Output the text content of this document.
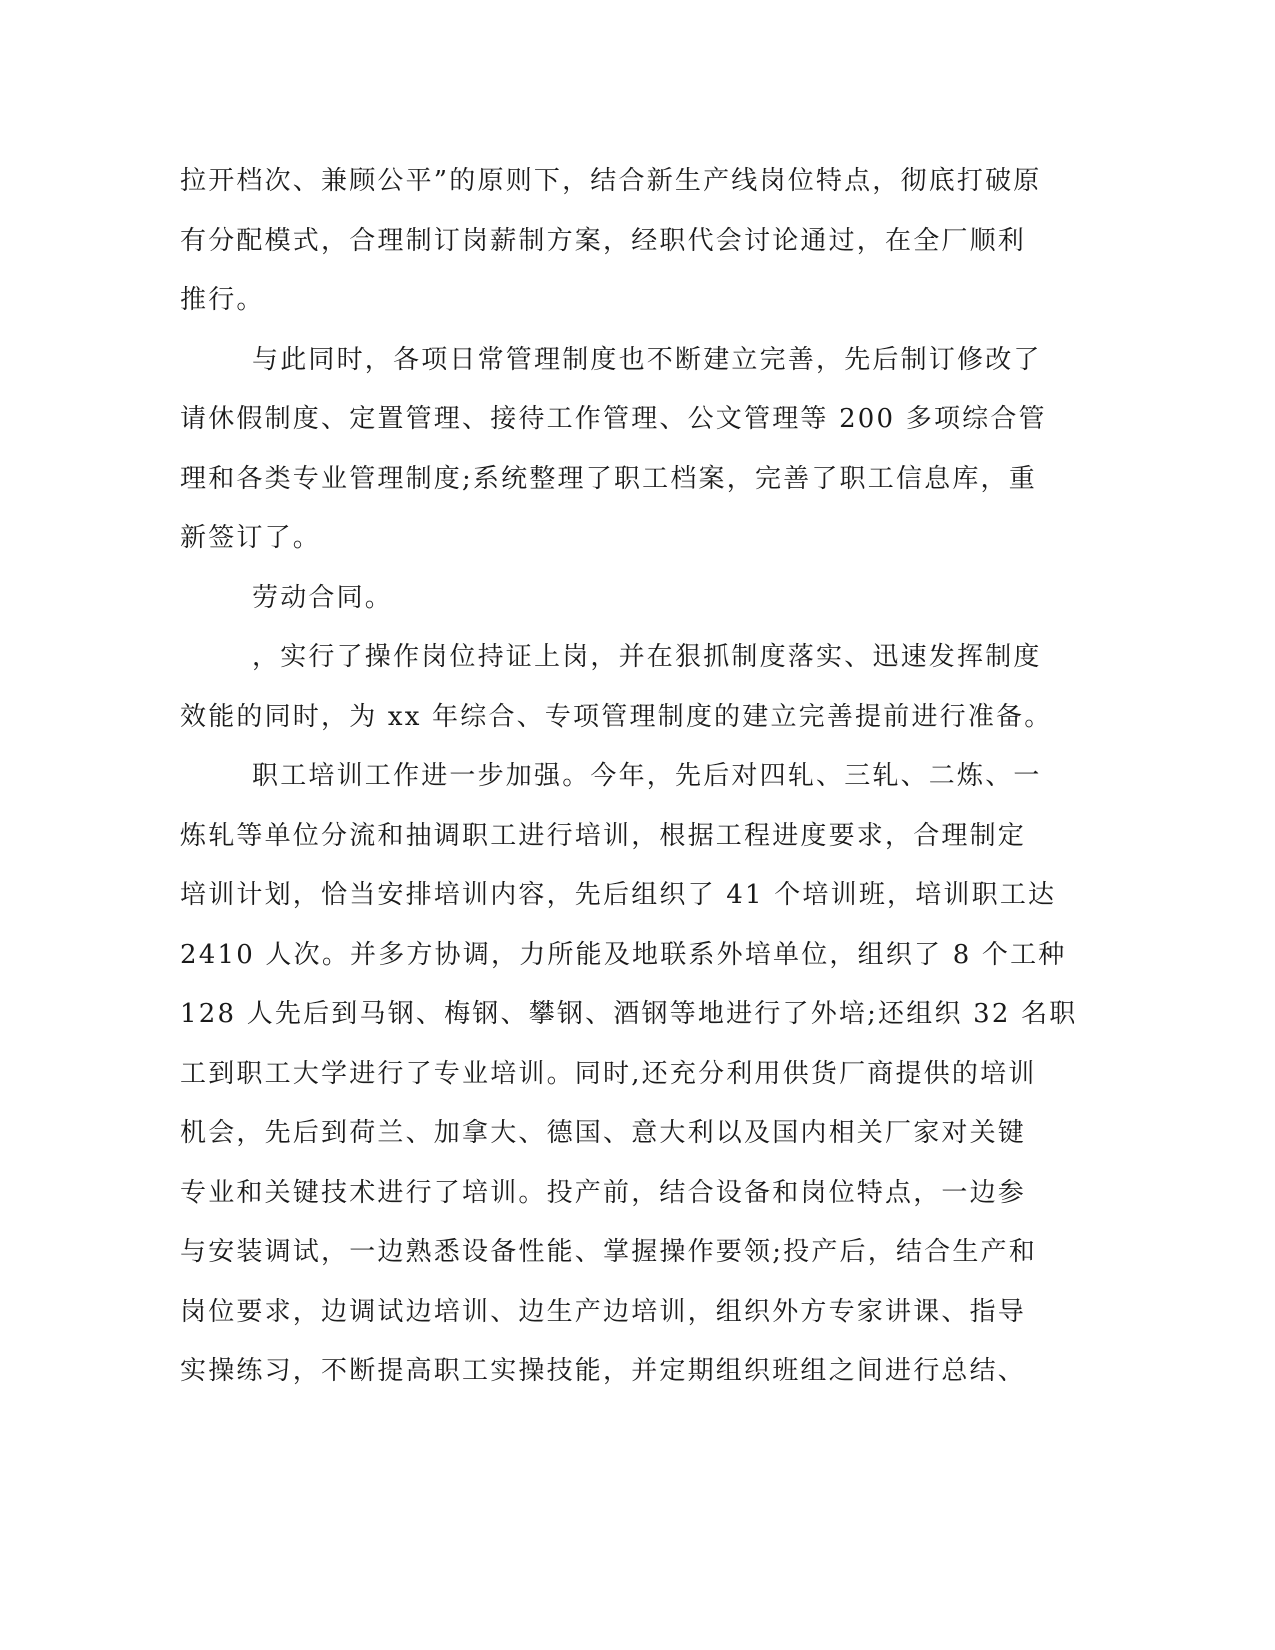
拉开档次、兼顾公平”的原则下，结合新生产线岗位特点，彻底打破原
有分配模式，合理制订岗薪制方案，经职代会讨论通过，在全厂顺利
推行。
与此同时，各项日常管理制度也不断建立完善，先后制订修改了
请休假制度、定置管理、接待工作管理、公文管理等 200 多项综合管
理和各类专业管理制度;系统整理了职工档案，完善了职工信息库，重
新签订了。
劳动合同。
，实行了操作岗位持证上岗，并在狠抓制度落实、迅速发挥制度
效能的同时，为 xx 年综合、专项管理制度的建立完善提前进行准备。
职工培训工作进一步加强。今年，先后对四轧、三轧、二炼、一
炼轧等单位分流和抽调职工进行培训，根据工程进度要求，合理制定
培训计划，恰当安排培训内容，先后组织了 41 个培训班，培训职工达
2410 人次。并多方协调，力所能及地联系外培单位，组织了 8 个工种
128 人先后到马钢、梅钢、攀钢、酒钢等地进行了外培;还组织 32 名职
工到职工大学进行了专业培训。同时,还充分利用供货厂商提供的培训
机会，先后到荷兰、加拿大、德国、意大利以及国内相关厂家对关键
专业和关键技术进行了培训。投产前，结合设备和岗位特点，一边参
与安装调试，一边熟悉设备性能、掌握操作要领;投产后，结合生产和
岗位要求，边调试边培训、边生产边培训，组织外方专家讲课、指导
实操练习，不断提高职工实操技能，并定期组织班组之间进行总结、
